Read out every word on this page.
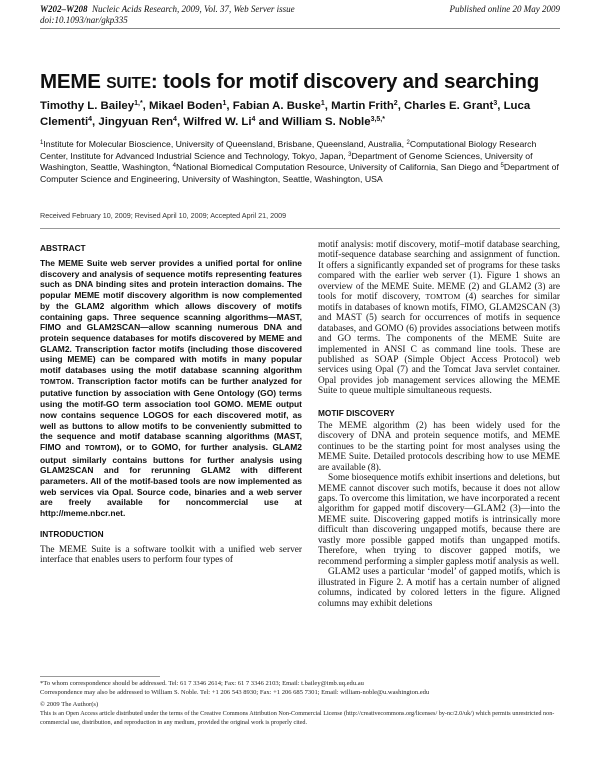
W202–W208 Nucleic Acids Research, 2009, Vol. 37, Web Server issue
doi:10.1093/nar/gkp335
Published online 20 May 2009
MEME SUITE: tools for motif discovery and searching
Timothy L. Bailey$^{1,*}$, Mikael Boden$^1$, Fabian A. Buske$^1$, Martin Frith$^2$, Charles E. Grant$^3$, Luca Clementi$^4$, Jingyuan Ren$^4$, Wilfred W. Li$^4$ and William S. Noble$^{3,5,*}$
$^1$Institute for Molecular Bioscience, University of Queensland, Brisbane, Queensland, Australia, $^2$Computational Biology Research Center, Institute for Advanced Industrial Science and Technology, Tokyo, Japan, $^3$Department of Genome Sciences, University of Washington, Seattle, Washington, $^4$National Biomedical Computation Resource, University of California, San Diego and $^5$Department of Computer Science and Engineering, University of Washington, Seattle, Washington, USA
Received February 10, 2009; Revised April 10, 2009; Accepted April 21, 2009

ABSTRACT

The MEME Suite web server provides a unified portal for online discovery and analysis of sequence motifs representing features such as DNA binding sites and protein interaction domains. The popular MEME motif discovery algorithm is now complemented by the GLAM2 algorithm which allows discovery of motifs containing gaps. Three sequence scanning algorithms—MAST, FIMO and GLAM2SCAN—allow scanning numerous DNA and protein sequence databases for motifs discovered by MEME and GLAM2. Transcription factor motifs (including those discovered using MEME) can be compared with motifs in many popular motif databases using the motif database scanning algorithm TOMTOM. Transcription factor motifs can be further analyzed for putative function by association with Gene Ontology (GO) terms using the motif-GO term association tool GOMO. MEME output now contains sequence LOGOS for each discovered motif, as well as buttons to allow motifs to be conveniently submitted to the sequence and motif database scanning algorithms (MAST, FIMO and TOMTOM), or to GOMO, for further analysis. GLAM2 output similarly contains buttons for further analysis using GLAM2SCAN and for rerunning GLAM2 with different parameters. All of the motif-based tools are now implemented as web services via Opal. Source code, binaries and a web server are freely available for noncommercial use at http://meme.nbcr.net.

INTRODUCTION

The MEME Suite is a software toolkit with a unified web server interface that enables users to perform four types of

motif analysis: motif discovery, motif–motif database searching, motif-sequence database searching and assignment of function. It offers a significantly expanded set of programs for these tasks compared with the earlier web server (1). Figure 1 shows an overview of the MEME Suite. MEME (2) and GLAM2 (3) are tools for motif discovery, TOMTOM (4) searches for similar motifs in databases of known motifs, FIMO, GLAM2SCAN (3) and MAST (5) search for occurrences of motifs in sequence databases, and GOMO (6) provides associations between motifs and GO terms. The components of the MEME Suite are implemented in ANSI C as command line tools. These are published as SOAP (Simple Object Access Protocol) web services using Opal (7) and the Tomcat Java servlet container. Opal provides job management services allowing the MEME Suite to queue multiple simultaneous requests.

MOTIF DISCOVERY

The MEME algorithm (2) has been widely used for the discovery of DNA and protein sequence motifs, and MEME continues to be the starting point for most analyses using the MEME Suite. Detailed protocols describing how to use MEME are available (8).

Some biosequence motifs exhibit insertions and deletions, but MEME cannot discover such motifs, because it does not allow gaps. To overcome this limitation, we have incorporated a recent algorithm for gapped motif discovery—GLAM2 (3)—into the MEME suite. Discovering gapped motifs is intrinsically more difficult than discovering ungapped motifs, because there are vastly more possible gapped motifs than ungapped motifs. Therefore, when trying to discover gapped motifs, we recommend performing a simpler gapless motif analysis as well.

GLAM2 uses a particular ‘model’ of gapped motifs, which is illustrated in Figure 2. A motif has a certain number of aligned columns, indicated by colored letters in the figure. Aligned columns may exhibit deletions

*To whom correspondence should be addressed. Tel: 61 7 3346 2614; Fax: 61 7 3346 2103; Email: t.bailey@imb.uq.edu.au

Correspondence may also be addressed to William S. Noble. Tel: +1 206 543 8930; Fax: +1 206 685 7301; Email: william-noble@u.washington.edu

© 2009 The Author(s)

This is an Open Access article distributed under the terms of the Creative Commons Attribution Non-Commercial License (http://creativecommons.org/licenses/ by-nc/2.0/uk/) which permits unrestricted non-commercial use, distribution, and reproduction in any medium, provided the original work is properly cited.
